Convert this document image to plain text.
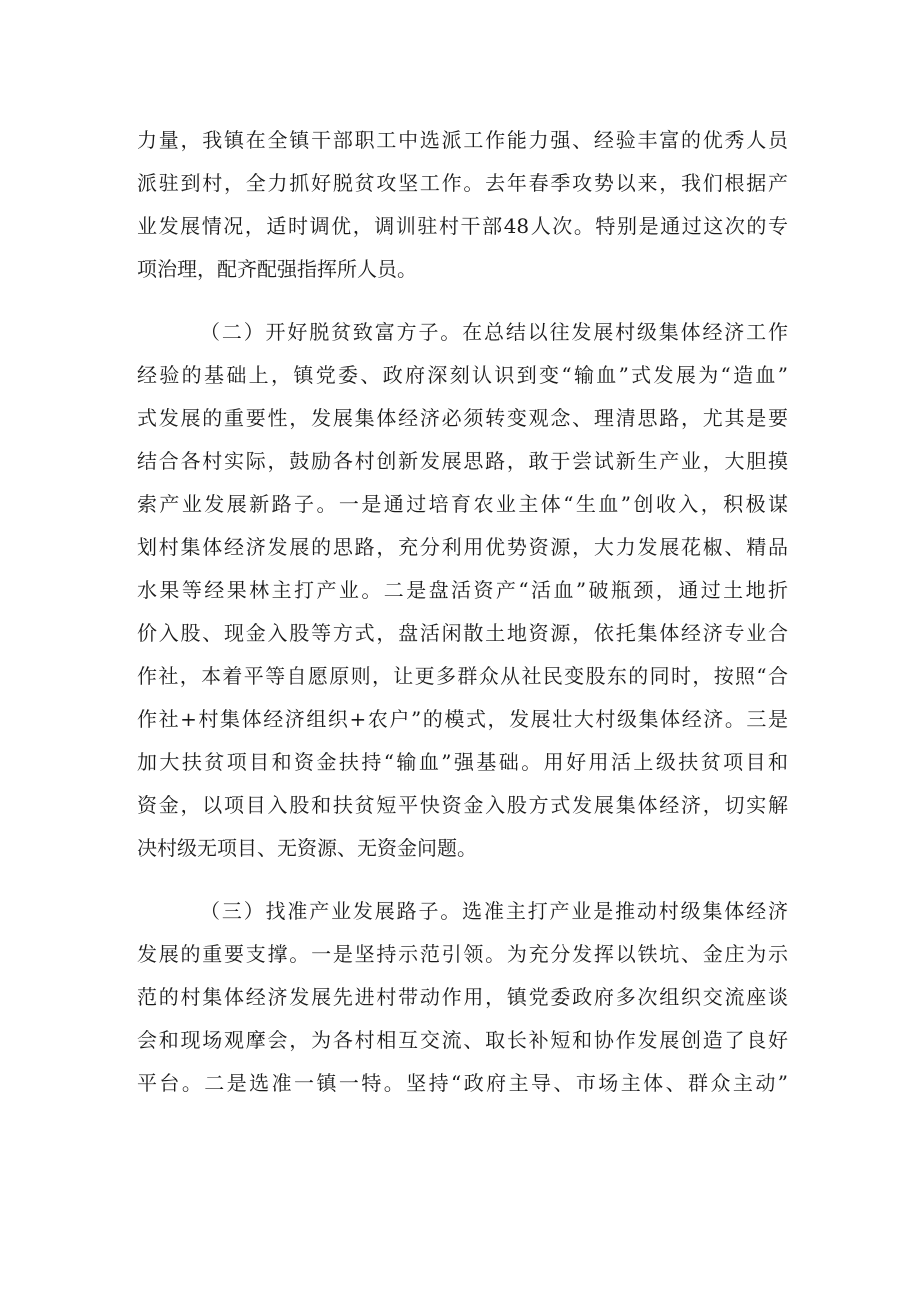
力量，我镇在全镇干部职工中选派工作能力强、经验丰富的优秀人员

派驻到村，全力抓好脱贫攻坚工作。去年春季攻势以来，我们根据产

业发展情况，适时调优，调训驻村干部48人次。特别是通过这次的专

项治理，配齐配强指挥所人员。

（二）开好脱贫致富方子。在总结以往发展村级集体经济工作

经验的基础上，镇党委、政府深刻认识到变“输血”式发展为“造血”

式发展的重要性，发展集体经济必须转变观念、理清思路，尤其是要

结合各村实际，鼓励各村创新发展思路，敢于尝试新生产业，大胆摸

索产业发展新路子。一是通过培育农业主体“生血”创收入，积极谋

划村集体经济发展的思路，充分利用优势资源，大力发展花椒、精品

水果等经果林主打产业。二是盘活资产“活血”破瓶颈，通过土地折

价入股、现金入股等方式，盘活闲散土地资源，依托集体经济专业合

作社，本着平等自愿原则，让更多群众从社民变股东的同时，按照“合

作社+村集体经济组织+农户”的模式，发展壮大村级集体经济。三是

加大扶贫项目和资金扶持“输血”强基础。用好用活上级扶贫项目和

资金，以项目入股和扶贫短平快资金入股方式发展集体经济，切实解

决村级无项目、无资源、无资金问题。

（三）找准产业发展路子。选准主打产业是推动村级集体经济

发展的重要支撑。一是坚持示范引领。为充分发挥以铁坑、金庄为示

范的村集体经济发展先进村带动作用，镇党委政府多次组织交流座谈

会和现场观摩会，为各村相互交流、取长补短和协作发展创造了良好

平台。二是选准一镇一特。坚持“政府主导、市场主体、群众主动”
